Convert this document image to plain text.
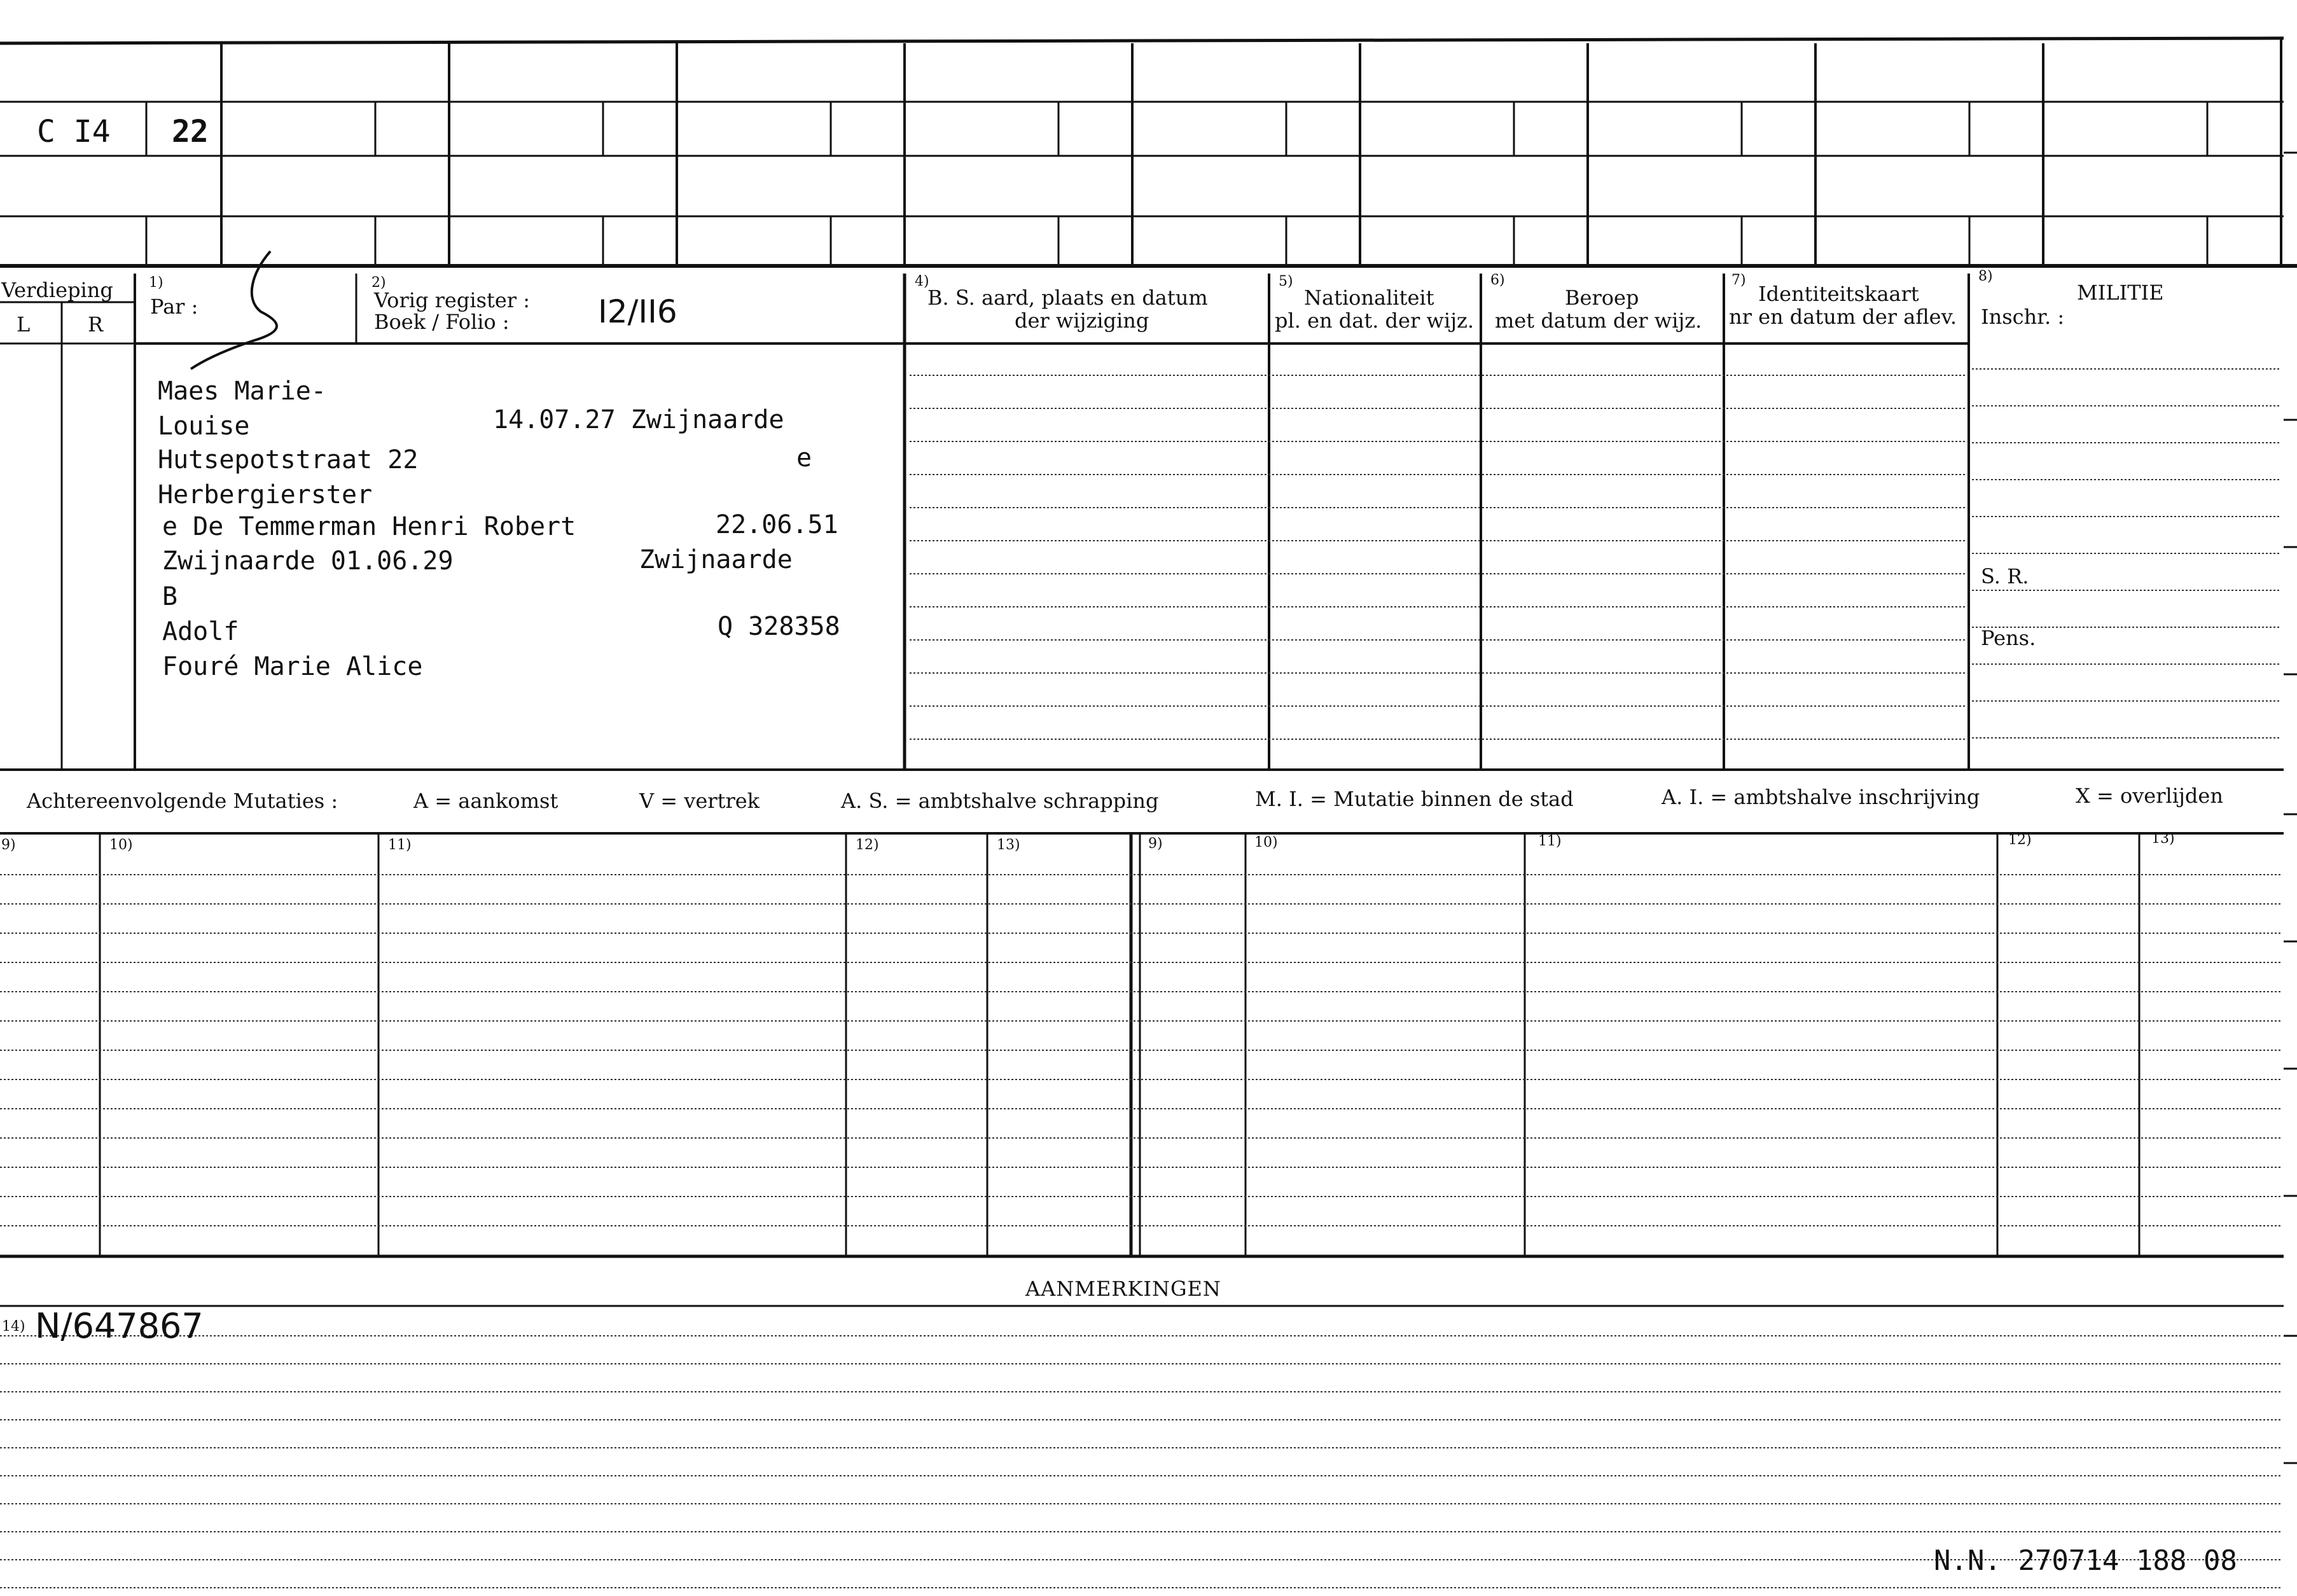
C I4 22
Verdieping
L	R
1)
Par :
2)
Vorig register :
Boek / Folio :	I2/II6
4)
B. S. aard, plaats en datum
der wijziging
5)
Nationaliteit
pl. en dat. der wijz.
6)
Beroep
met datum der wijz.
7)
Identiteitskaart
nr en datum der aflev.
8)
MILITIE
Inschr. :
S. R.
Pens.
Maes Marie-
Louise	14.07.27 Zwijnaarde
Hutsepotstraat 22	e
Herbergierster
e De Temmerman Henri Robert	22.06.51
Zwijnaarde 01.06.29	Zwijnaarde
B
Adolf	Q 328358
Fouré Marie Alice
Achtereenvolgende Mutaties :	A = aankomst	V = vertrek	A. S. = ambtshalve schrapping	M. I. = Mutatie binnen de stad	A. I. = ambtshalve inschrijving	X = overlijden
9)	10)	11)	12)	13)	9)	10)	11)	12)	13)
AANMERKINGEN
14) N/647867
N.N. 270714 188 08
